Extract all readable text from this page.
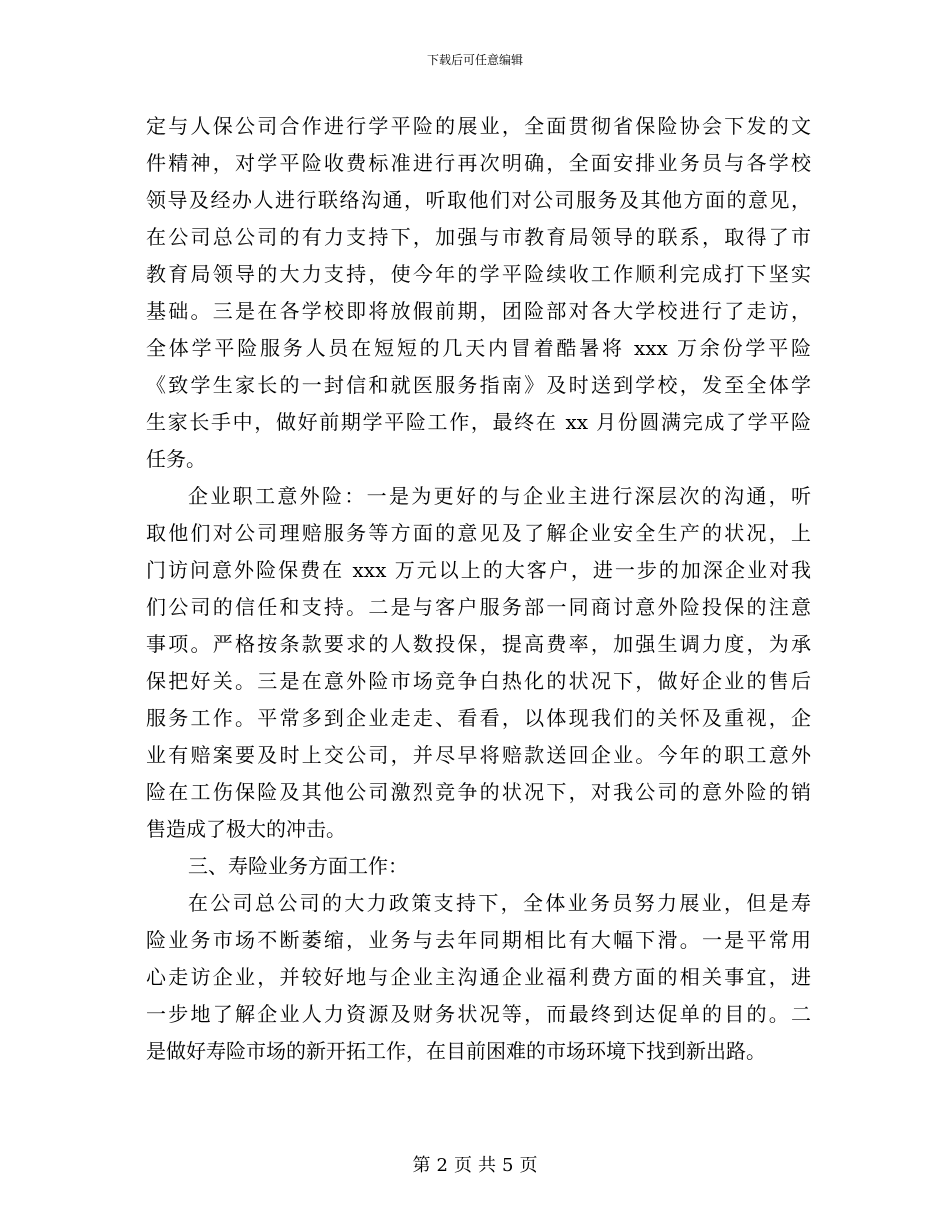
下载后可任意编辑
定与人保公司合作进行学平险的展业，全面贯彻省保险协会下发的文
件精神，对学平险收费标准进行再次明确，全面安排业务员与各学校
领导及经办人进行联络沟通，听取他们对公司服务及其他方面的意见，
在公司总公司的有力支持下，加强与市教育局领导的联系，取得了市
教育局领导的大力支持，使今年的学平险续收工作顺利完成打下坚实
基础。三是在各学校即将放假前期，团险部对各大学校进行了走访，
全体学平险服务人员在短短的几天内冒着酷暑将 xxx 万余份学平险
《致学生家长的一封信和就医服务指南》及时送到学校，发至全体学
生家长手中，做好前期学平险工作，最终在 xx 月份圆满完成了学平险
任务。
企业职工意外险：一是为更好的与企业主进行深层次的沟通，听
取他们对公司理赔服务等方面的意见及了解企业安全生产的状况，上
门访问意外险保费在 xxx 万元以上的大客户，进一步的加深企业对我
们公司的信任和支持。二是与客户服务部一同商讨意外险投保的注意
事项。严格按条款要求的人数投保，提高费率，加强生调力度，为承
保把好关。三是在意外险市场竞争白热化的状况下，做好企业的售后
服务工作。平常多到企业走走、看看，以体现我们的关怀及重视，企
业有赔案要及时上交公司，并尽早将赔款送回企业。今年的职工意外
险在工伤保险及其他公司激烈竞争的状况下，对我公司的意外险的销
售造成了极大的冲击。
三、寿险业务方面工作：
在公司总公司的大力政策支持下，全体业务员努力展业，但是寿
险业务市场不断萎缩，业务与去年同期相比有大幅下滑。一是平常用
心走访企业，并较好地与企业主沟通企业福利费方面的相关事宜，进
一步地了解企业人力资源及财务状况等，而最终到达促单的目的。二
是做好寿险市场的新开拓工作，在目前困难的市场环境下找到新出路。
第 2 页 共 5 页
